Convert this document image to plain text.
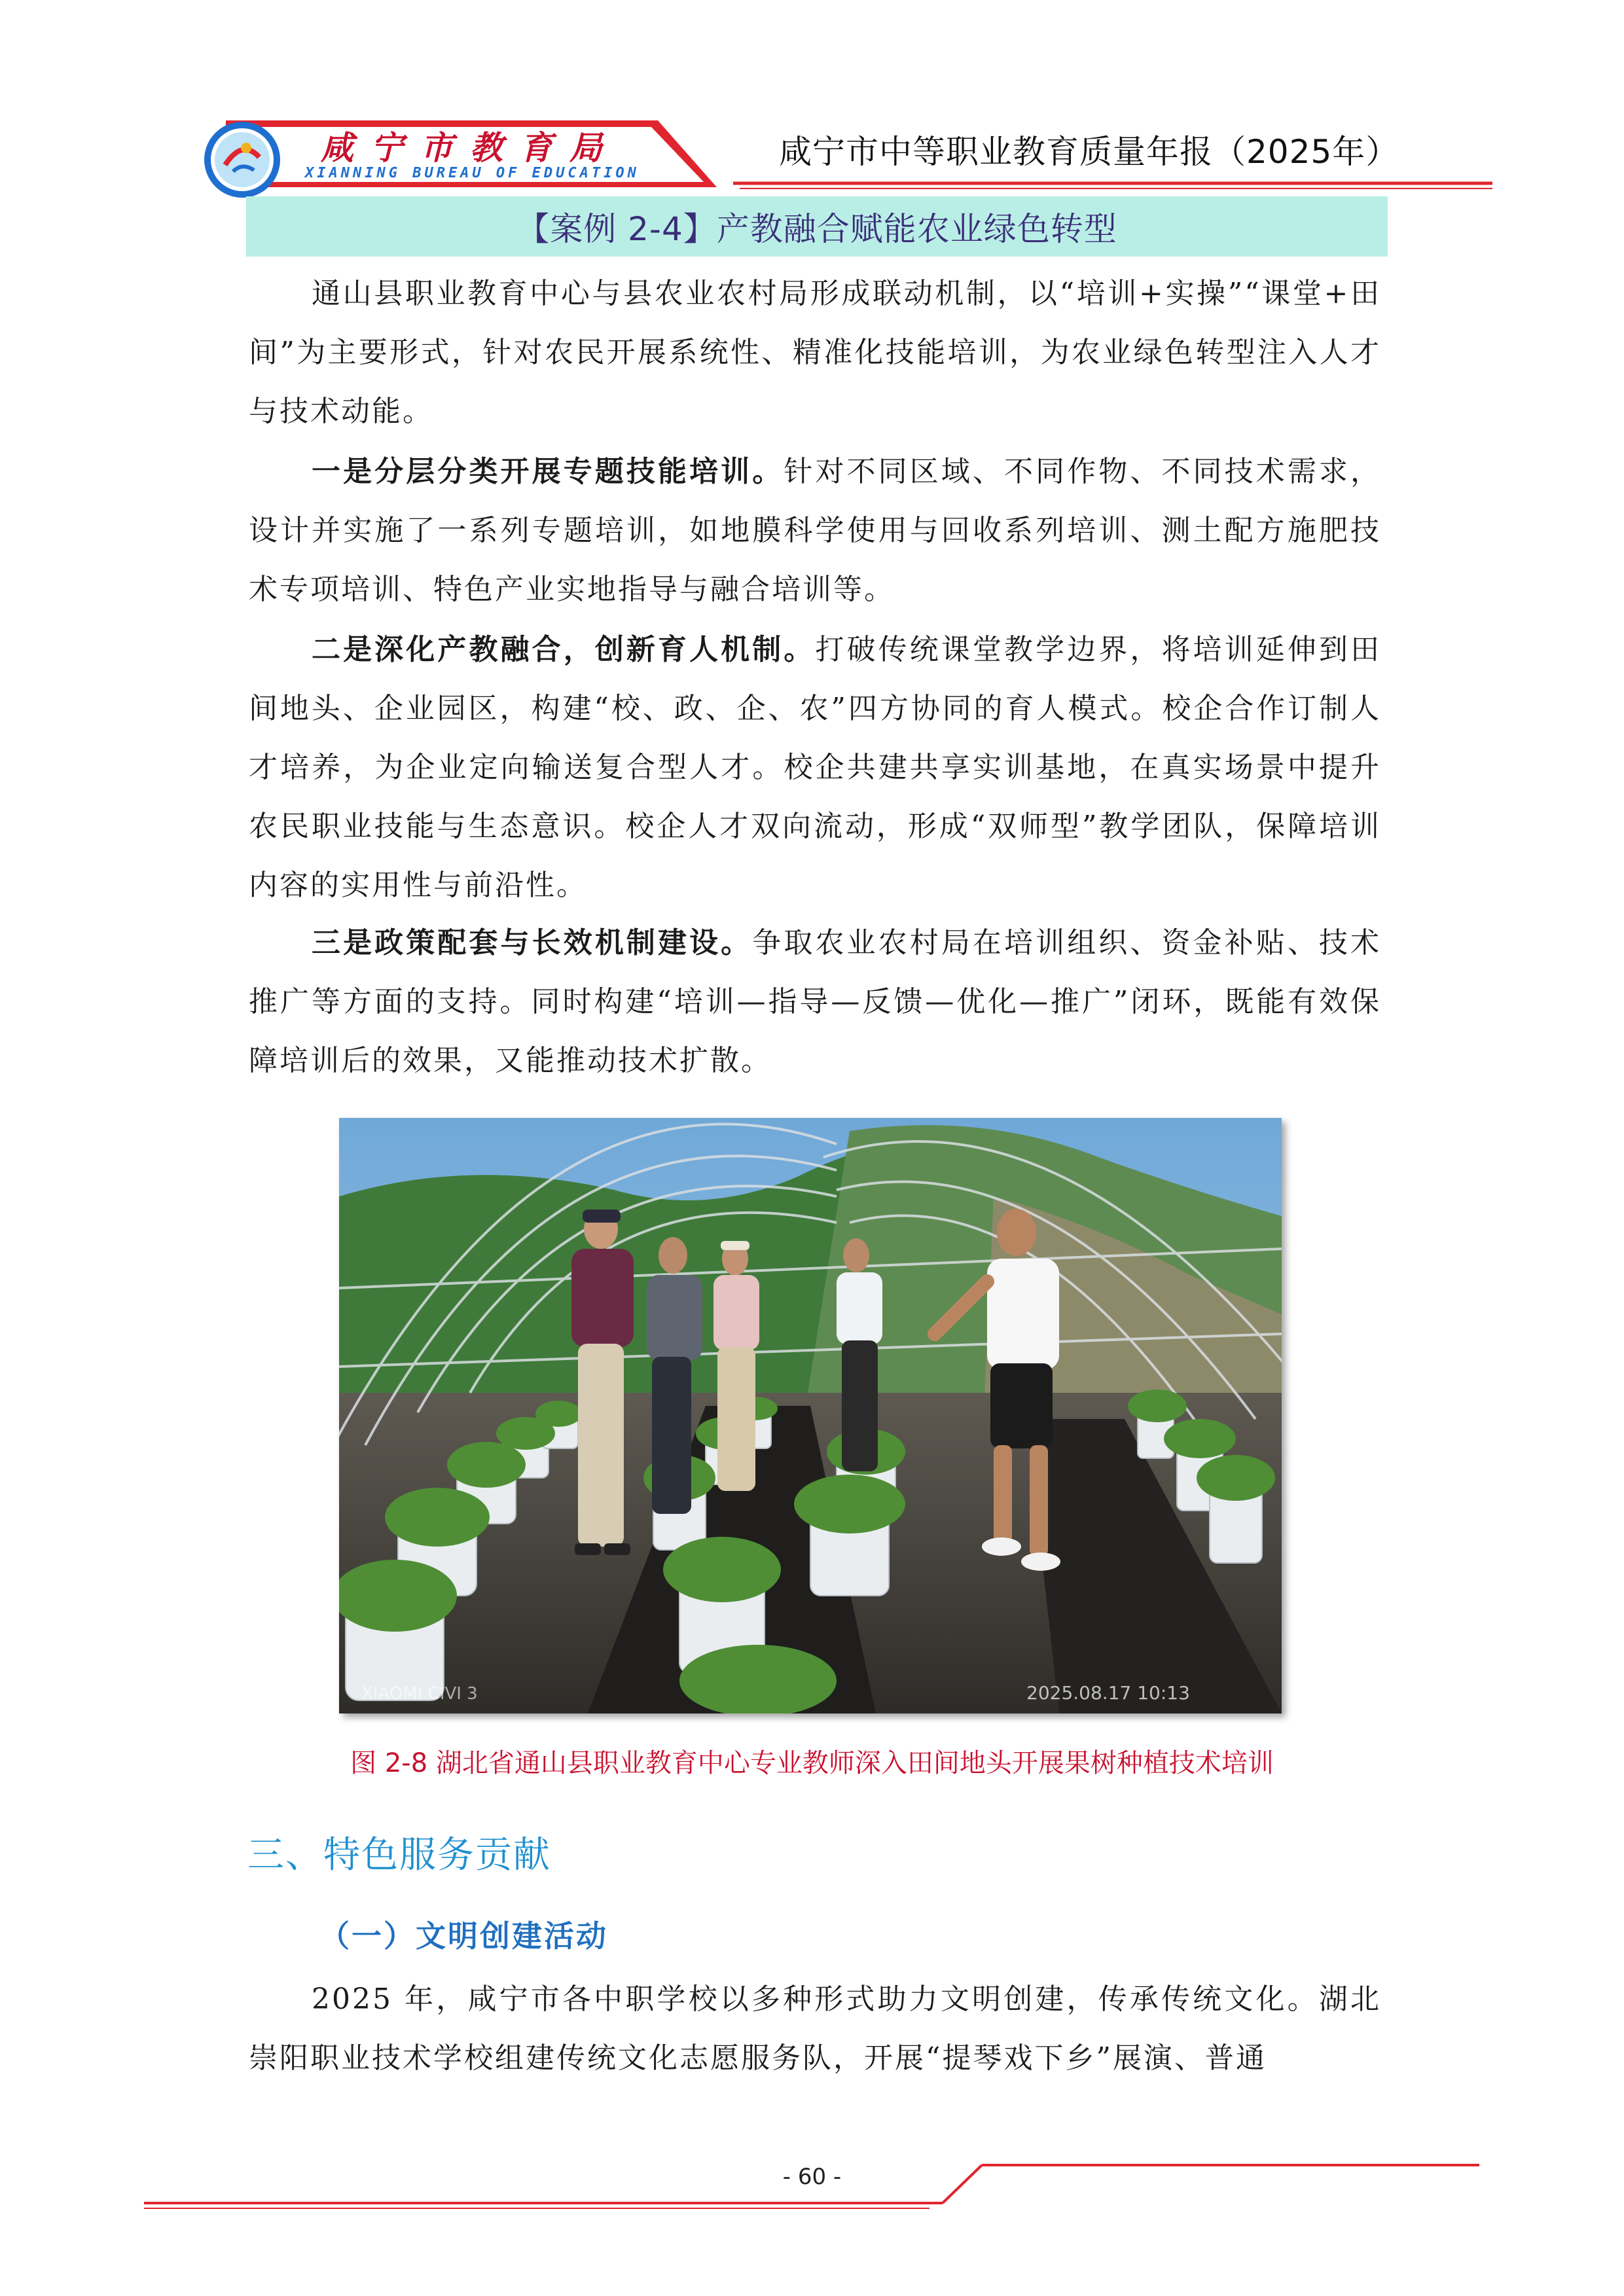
咸宁市教育局
XIANNING BUREAU OF EDUCATION
咸宁市中等职业教育质量年报（2025年）
【案例 2-4】产教融合赋能农业绿色转型

通山县职业教育中心与县农业农村局形成联动机制，以“培训+实操”“课堂+田间”为主要形式，针对农民开展系统性、精准化技能培训，为农业绿色转型注入人才与技术动能。

一是分层分类开展专题技能培训。针对不同区域、不同作物、不同技术需求，设计并实施了一系列专题培训，如地膜科学使用与回收系列培训、测土配方施肥技术专项培训、特色产业实地指导与融合培训等。

二是深化产教融合，创新育人机制。打破传统课堂教学边界，将培训延伸到田间地头、企业园区，构建“校、政、企、农”四方协同的育人模式。校企合作订制人才培养，为企业定向输送复合型人才。校企共建共享实训基地，在真实场景中提升农民职业技能与生态意识。校企人才双向流动，形成“双师型”教学团队，保障培训内容的实用性与前沿性。

三是政策配套与长效机制建设。争取农业农村局在培训组织、资金补贴、技术推广等方面的支持。同时构建“培训—指导—反馈—优化—推广”闭环，既能有效保障培训后的效果，又能推动技术扩散。

XIAOMI CIVI 3	2025.08.17 10:13
图 2-8 湖北省通山县职业教育中心专业教师深入田间地头开展果树种植技术培训
三、特色服务贡献
（一）文明创建活动

2025 年，咸宁市各中职学校以多种形式助力文明创建，传承传统文化。湖北崇阳职业技术学校组建传统文化志愿服务队，开展“提琴戏下乡”展演、普通

- 60 -
